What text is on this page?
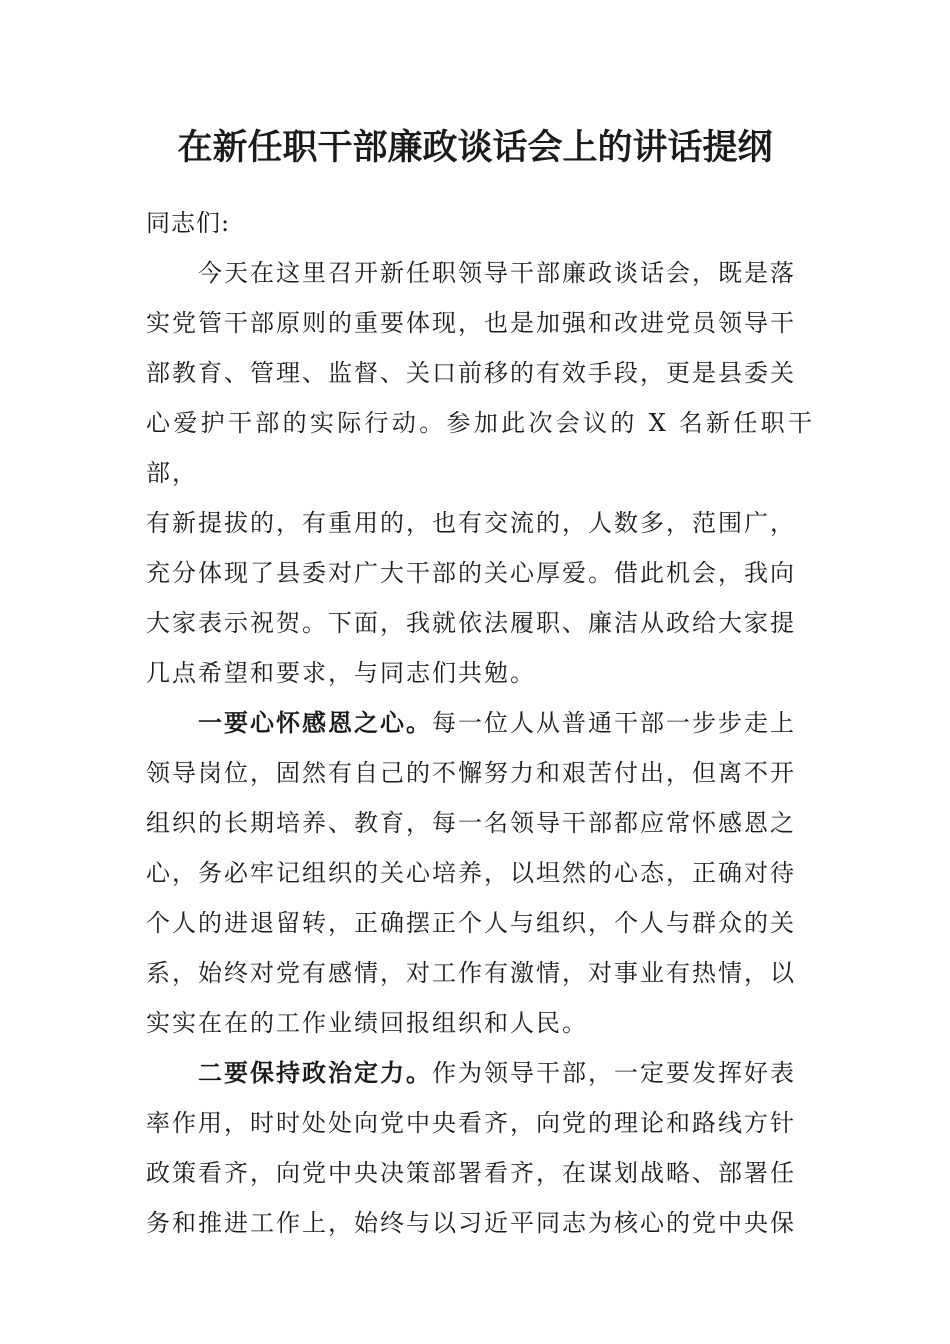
在新任职干部廉政谈话会上的讲话提纲

同志们:

今天在这里召开新任职领导干部廉政谈话会，既是落

实党管干部原则的重要体现，也是加强和改进党员领导干

部教育、管理、监督、关口前移的有效手段，更是县委关

心爱护干部的实际行动。参加此次会议的 X 名新任职干部，

有新提拔的，有重用的，也有交流的，人数多，范围广，

充分体现了县委对广大干部的关心厚爱。借此机会，我向

大家表示祝贺。下面，我就依法履职、廉洁从政给大家提

几点希望和要求，与同志们共勉。

一要心怀感恩之心。每一位人从普通干部一步步走上

领导岗位，固然有自己的不懈努力和艰苦付出，但离不开

组织的长期培养、教育，每一名领导干部都应常怀感恩之

心，务必牢记组织的关心培养，以坦然的心态，正确对待

个人的进退留转，正确摆正个人与组织，个人与群众的关

系，始终对党有感情，对工作有激情，对事业有热情，以

实实在在的工作业绩回报组织和人民。

二要保持政治定力。作为领导干部，一定要发挥好表

率作用，时时处处向党中央看齐，向党的理论和路线方针

政策看齐，向党中央决策部署看齐，在谋划战略、部署任

务和推进工作上，始终与以习近平同志为核心的党中央保
